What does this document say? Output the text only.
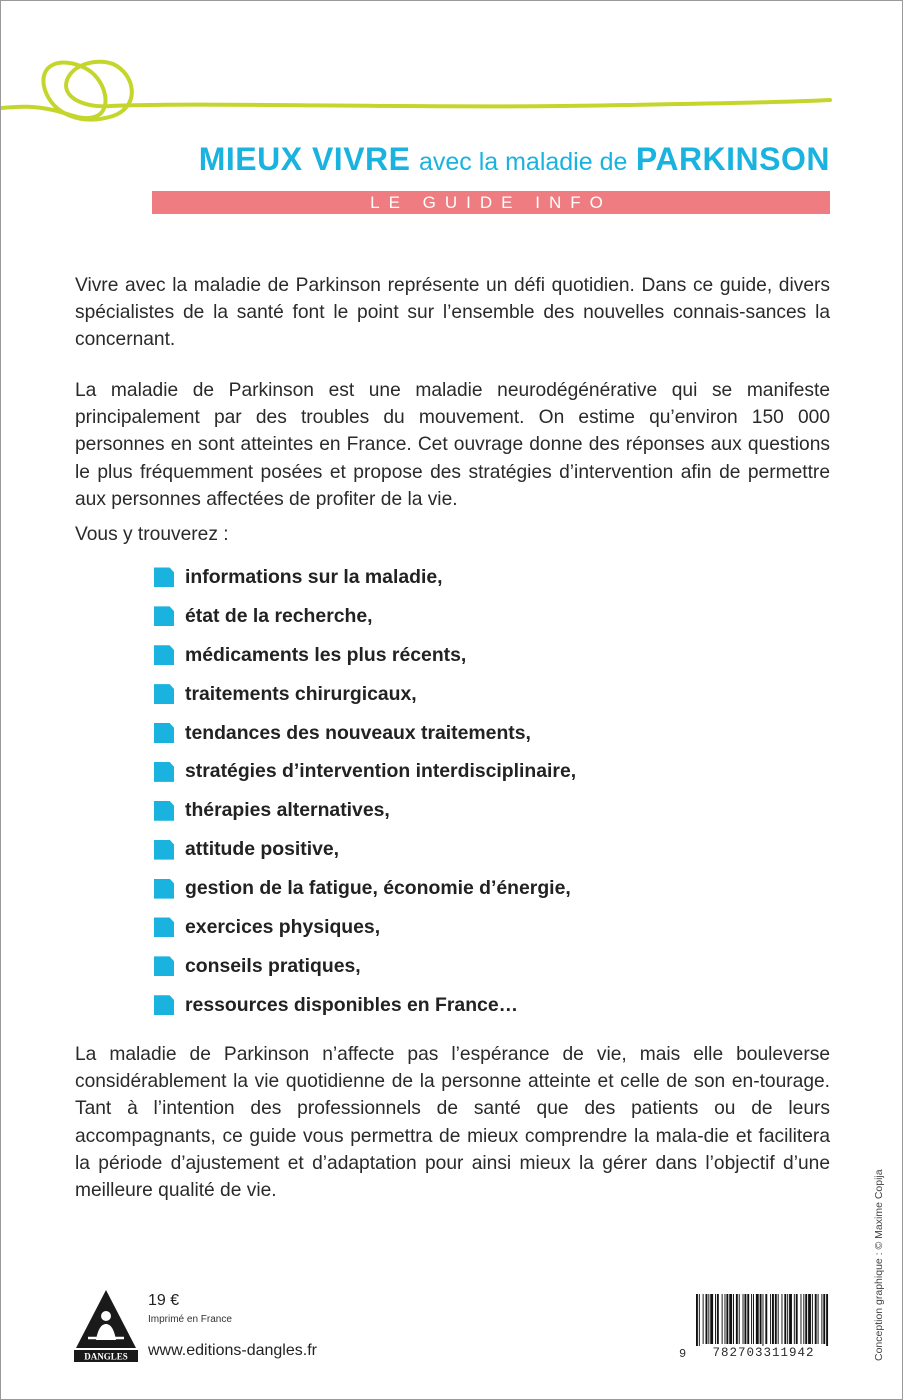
MIEUX VIVRE avec la maladie de PARKINSON
LE GUIDE INFO

Vivre avec la maladie de Parkinson représente un défi quotidien. Dans ce guide, divers spécialistes de la santé font le point sur l’ensemble des nouvelles connais-sances la concernant.

La maladie de Parkinson est une maladie neurodégénérative qui se manifeste principalement par des troubles du mouvement. On estime qu’environ 150 000 personnes en sont atteintes en France. Cet ouvrage donne des réponses aux questions le plus fréquemment posées et propose des stratégies d’intervention afin de permettre aux personnes affectées de profiter de la vie.

Vous y trouverez :

informations sur la maladie,
état de la recherche,
médicaments les plus récents,
traitements chirurgicaux,
tendances des nouveaux traitements,
stratégies d’intervention interdisciplinaire,
thérapies alternatives,
attitude positive,
gestion de la fatigue, économie d’énergie,
exercices physiques,
conseils pratiques,
ressources disponibles en France…

La maladie de Parkinson n’affecte pas l’espérance de vie, mais elle bouleverse considérablement la vie quotidienne de la personne atteinte et celle de son en-tourage. Tant à l’intention des professionnels de santé que des patients ou de leurs accompagnants, ce guide vous permettra de mieux comprendre la mala-die et facilitera la période d’ajustement et d’adaptation pour ainsi mieux la gérer dans l’objectif d’une meilleure qualité de vie.

DANGLES
19 €
Imprimé en France
www.editions-dangles.fr	9	782703311942	Conception graphique : © Maxime Copija
